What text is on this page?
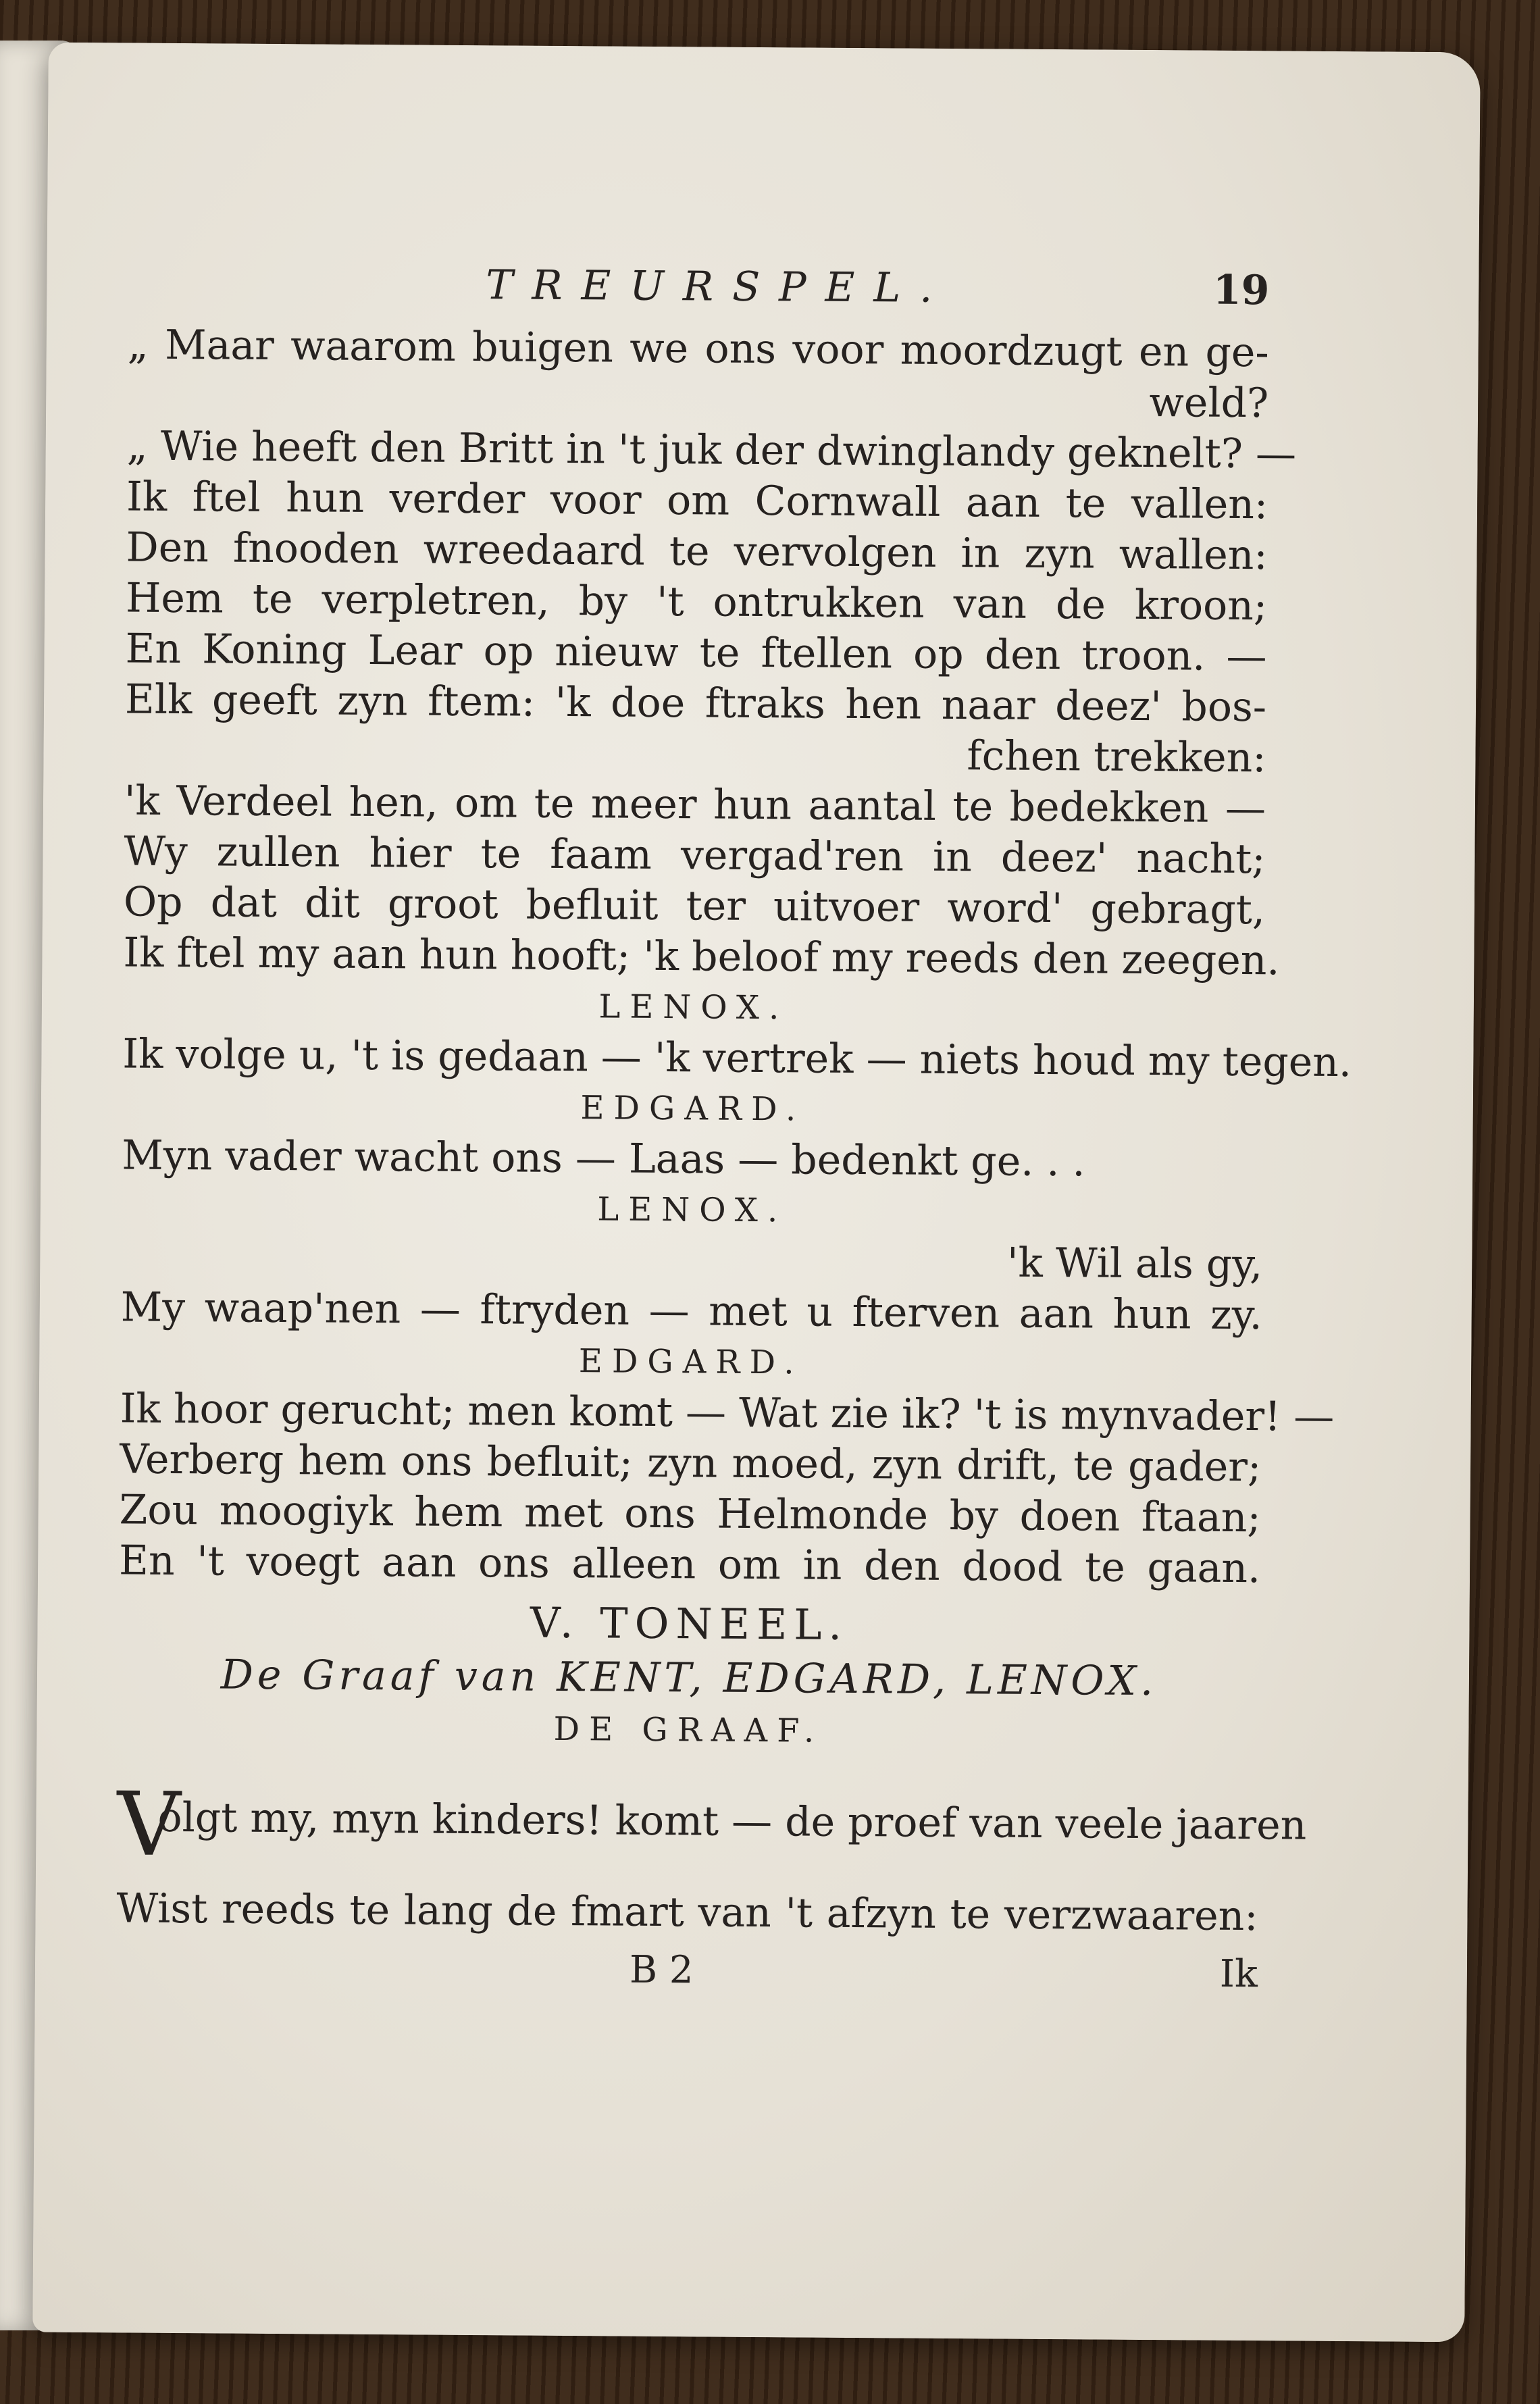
TREURSPEL.	19

„ Maar waarom buigen we ons voor moordzugt en ge-

weld?

„ Wie heeft den Britt in 't juk der dwinglandy geknelt? —

Ik ftel hun verder voor om Cornwall aan te vallen:

Den fnooden wreedaard te vervolgen in zyn wallen:

Hem te verpletren, by 't ontrukken van de kroon;

En Koning Lear op nieuw te ftellen op den troon. —

Elk geeft zyn ftem: 'k doe ftraks hen naar deez' bos-

fchen trekken:

'k Verdeel hen, om te meer hun aantal te bedekken —

Wy zullen hier te faam vergad'ren in deez' nacht;

Op dat dit groot befluit ter uitvoer word' gebragt,

Ik ftel my aan hun hooft; 'k beloof my reeds den zeegen.

LENOX.

Ik volge u, 't is gedaan — 'k vertrek — niets houd my tegen.

EDGARD.

Myn vader wacht ons — Laas — bedenkt ge. . .

LENOX.

'k Wil als gy,

My waap'nen — ftryden — met u fterven aan hun zy.

EDGARD.

Ik hoor gerucht; men komt — Wat zie ik? 't is mynvader! —

Verberg hem ons befluit; zyn moed, zyn drift, te gader;

Zou moogiyk hem met ons Helmonde by doen ftaan;

En 't voegt aan ons alleen om in den dood te gaan.

V. TONEEL.
De Graaf van KENT, EDGARD, LENOX.
DE GRAAF.

V
olgt my, myn kinders! komt — de proef van veele jaaren

Wist reeds te lang de fmart van 't afzyn te verzwaaren:

B 2	Ik
